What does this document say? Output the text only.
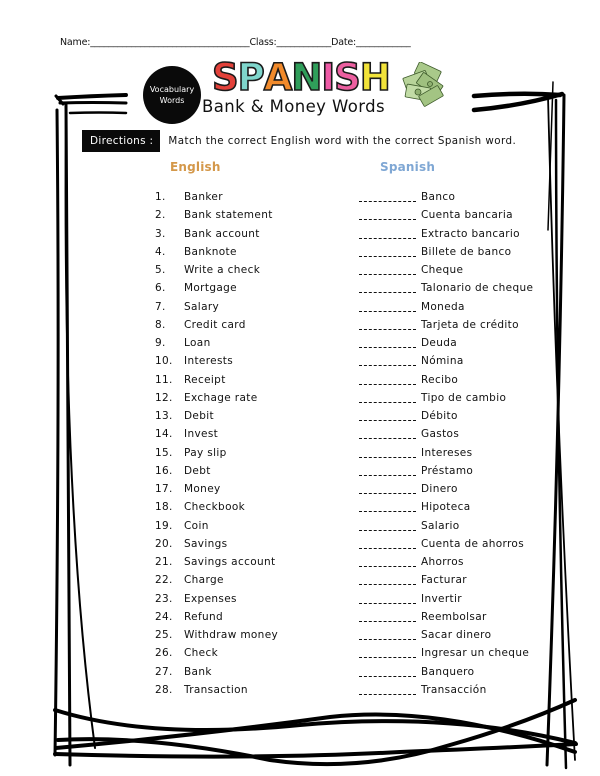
Name:___________________________________Class:____________Date:____________
Vocabulary
Words
SPANISH
Bank & Money Words
Directions :	Match the correct English word with the correct Spanish word.
English	Spanish
1. Banker	Banco
2. Bank statement	Cuenta bancaria
3. Bank account	Extracto bancario
4. Banknote	Billete de banco
5. Write a check	Cheque
6. Mortgage	Talonario de cheque
7. Salary	Moneda
8. Credit card	Tarjeta de crédito
9. Loan	Deuda
10. Interests	Nómina
11. Receipt	Recibo
12. Exchage rate	Tipo de cambio
13. Debit	Débito
14. Invest	Gastos
15. Pay slip	Intereses
16. Debt	Préstamo
17. Money	Dinero
18. Checkbook	Hipoteca
19. Coin	Salario
20. Savings	Cuenta de ahorros
21. Savings account	Ahorros
22. Charge	Facturar
23. Expenses	Invertir
24. Refund	Reembolsar
25. Withdraw money	Sacar dinero
26. Check	Ingresar un cheque
27. Bank	Banquero
28. Transaction	Transacción
